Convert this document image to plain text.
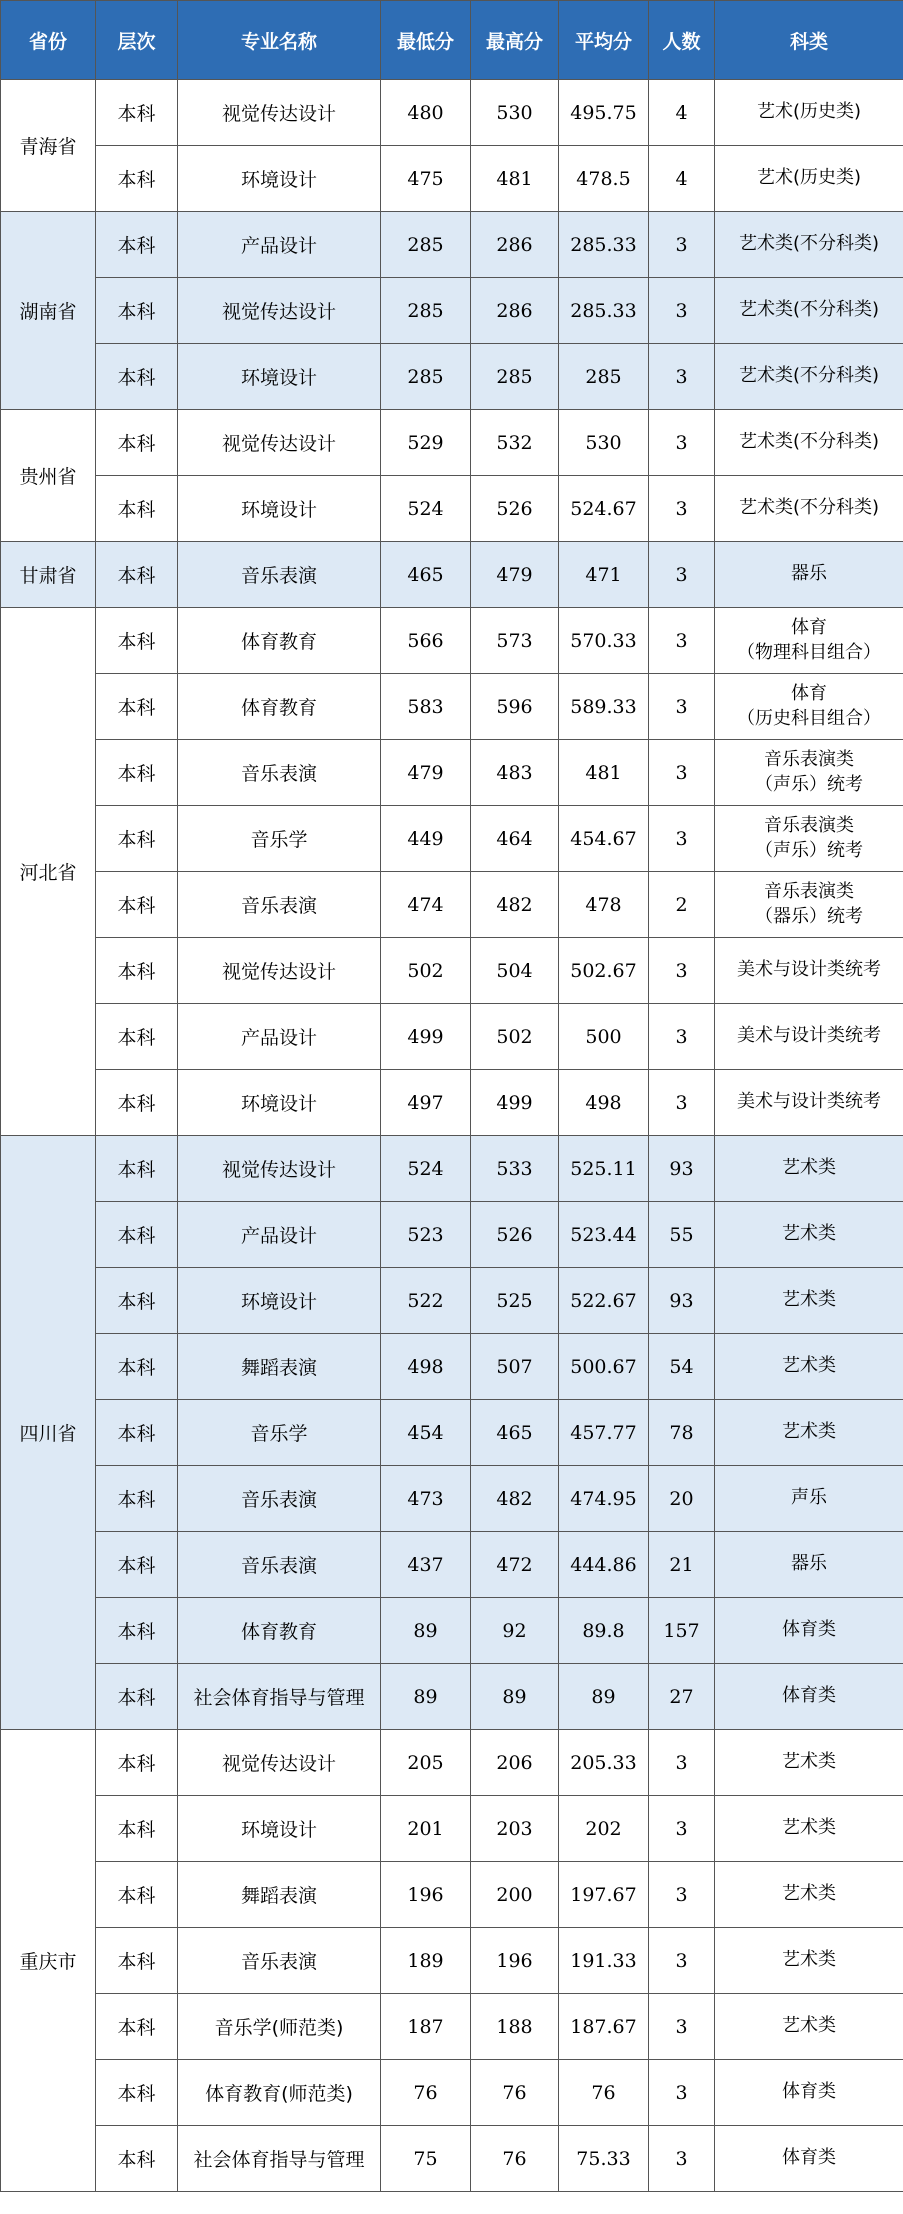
省份	层次	专业名称	最低分	最高分	平均分	人数	科类
青海省	本科	视觉传达设计	480	530	495.75	4	艺术(历史类)
	本科	环境设计	475	481	478.5	4	艺术(历史类)
湖南省	本科	产品设计	285	286	285.33	3	艺术类(不分科类)
	本科	视觉传达设计	285	286	285.33	3	艺术类(不分科类)
	本科	环境设计	285	285	285	3	艺术类(不分科类)
贵州省	本科	视觉传达设计	529	532	530	3	艺术类(不分科类)
	本科	环境设计	524	526	524.67	3	艺术类(不分科类)
甘肃省	本科	音乐表演	465	479	471	3	器乐
河北省	本科	体育教育	566	573	570.33	3	体育
（物理科目组合）
	本科	体育教育	583	596	589.33	3	体育
（历史科目组合）
	本科	音乐表演	479	483	481	3	音乐表演类
（声乐）统考
	本科	音乐学	449	464	454.67	3	音乐表演类
（声乐）统考
	本科	音乐表演	474	482	478	2	音乐表演类
（器乐）统考
	本科	视觉传达设计	502	504	502.67	3	美术与设计类统考
	本科	产品设计	499	502	500	3	美术与设计类统考
	本科	环境设计	497	499	498	3	美术与设计类统考
四川省	本科	视觉传达设计	524	533	525.11	93	艺术类
	本科	产品设计	523	526	523.44	55	艺术类
	本科	环境设计	522	525	522.67	93	艺术类
	本科	舞蹈表演	498	507	500.67	54	艺术类
	本科	音乐学	454	465	457.77	78	艺术类
	本科	音乐表演	473	482	474.95	20	声乐
	本科	音乐表演	437	472	444.86	21	器乐
	本科	体育教育	89	92	89.8	157	体育类
	本科	社会体育指导与管理	89	89	89	27	体育类
重庆市	本科	视觉传达设计	205	206	205.33	3	艺术类
	本科	环境设计	201	203	202	3	艺术类
	本科	舞蹈表演	196	200	197.67	3	艺术类
	本科	音乐表演	189	196	191.33	3	艺术类
	本科	音乐学(师范类)	187	188	187.67	3	艺术类
	本科	体育教育(师范类)	76	76	76	3	体育类
	本科	社会体育指导与管理	75	76	75.33	3	体育类
